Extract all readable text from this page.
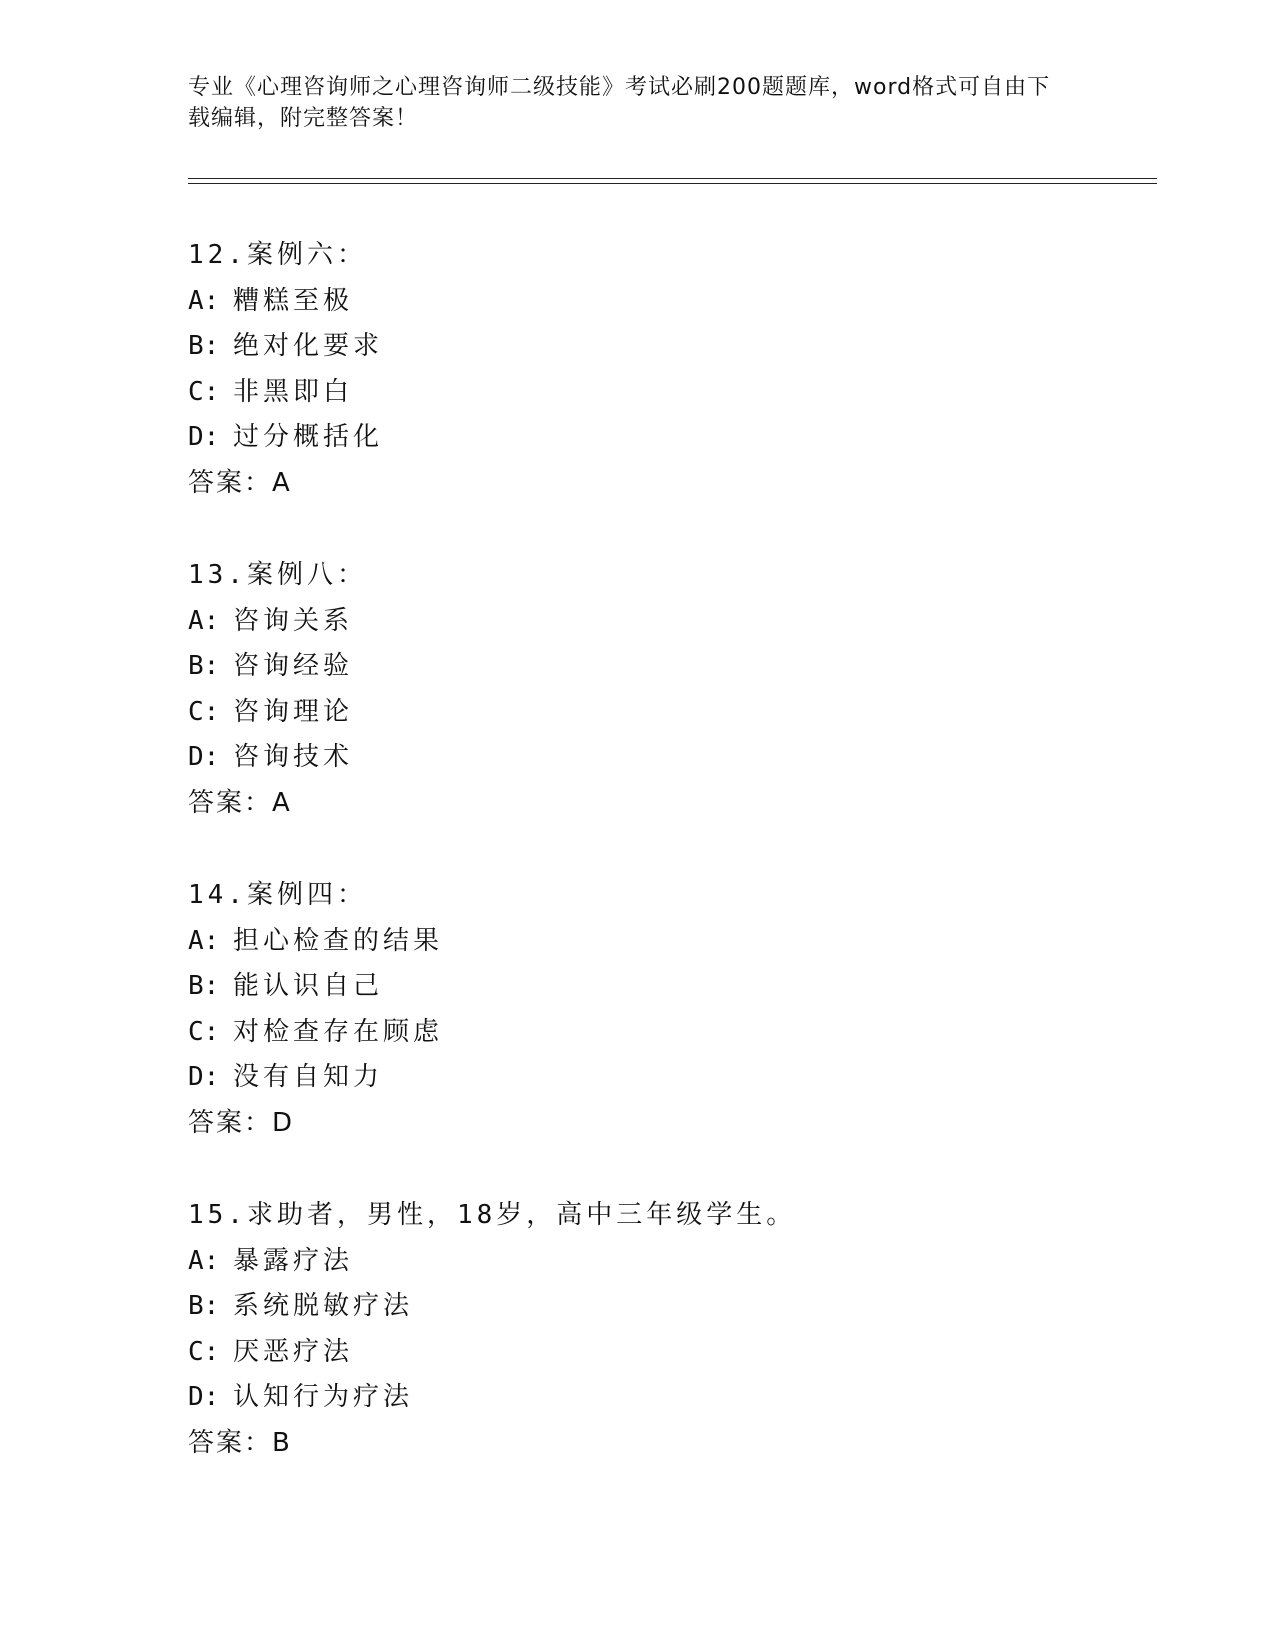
专业《心理咨询师之心理咨询师二级技能》考试必刷200题题库，word格式可自由下载编辑，附完整答案！
12.案例六：
A: 糟糕至极
B: 绝对化要求
C: 非黑即白
D: 过分概括化
答案：A
13.案例八：
A: 咨询关系
B: 咨询经验
C: 咨询理论
D: 咨询技术
答案：A
14.案例四：
A: 担心检查的结果
B: 能认识自己
C: 对检查存在顾虑
D: 没有自知力
答案：D
15.求助者，男性，18岁，高中三年级学生。
A: 暴露疗法
B: 系统脱敏疗法
C: 厌恶疗法
D: 认知行为疗法
答案：B
